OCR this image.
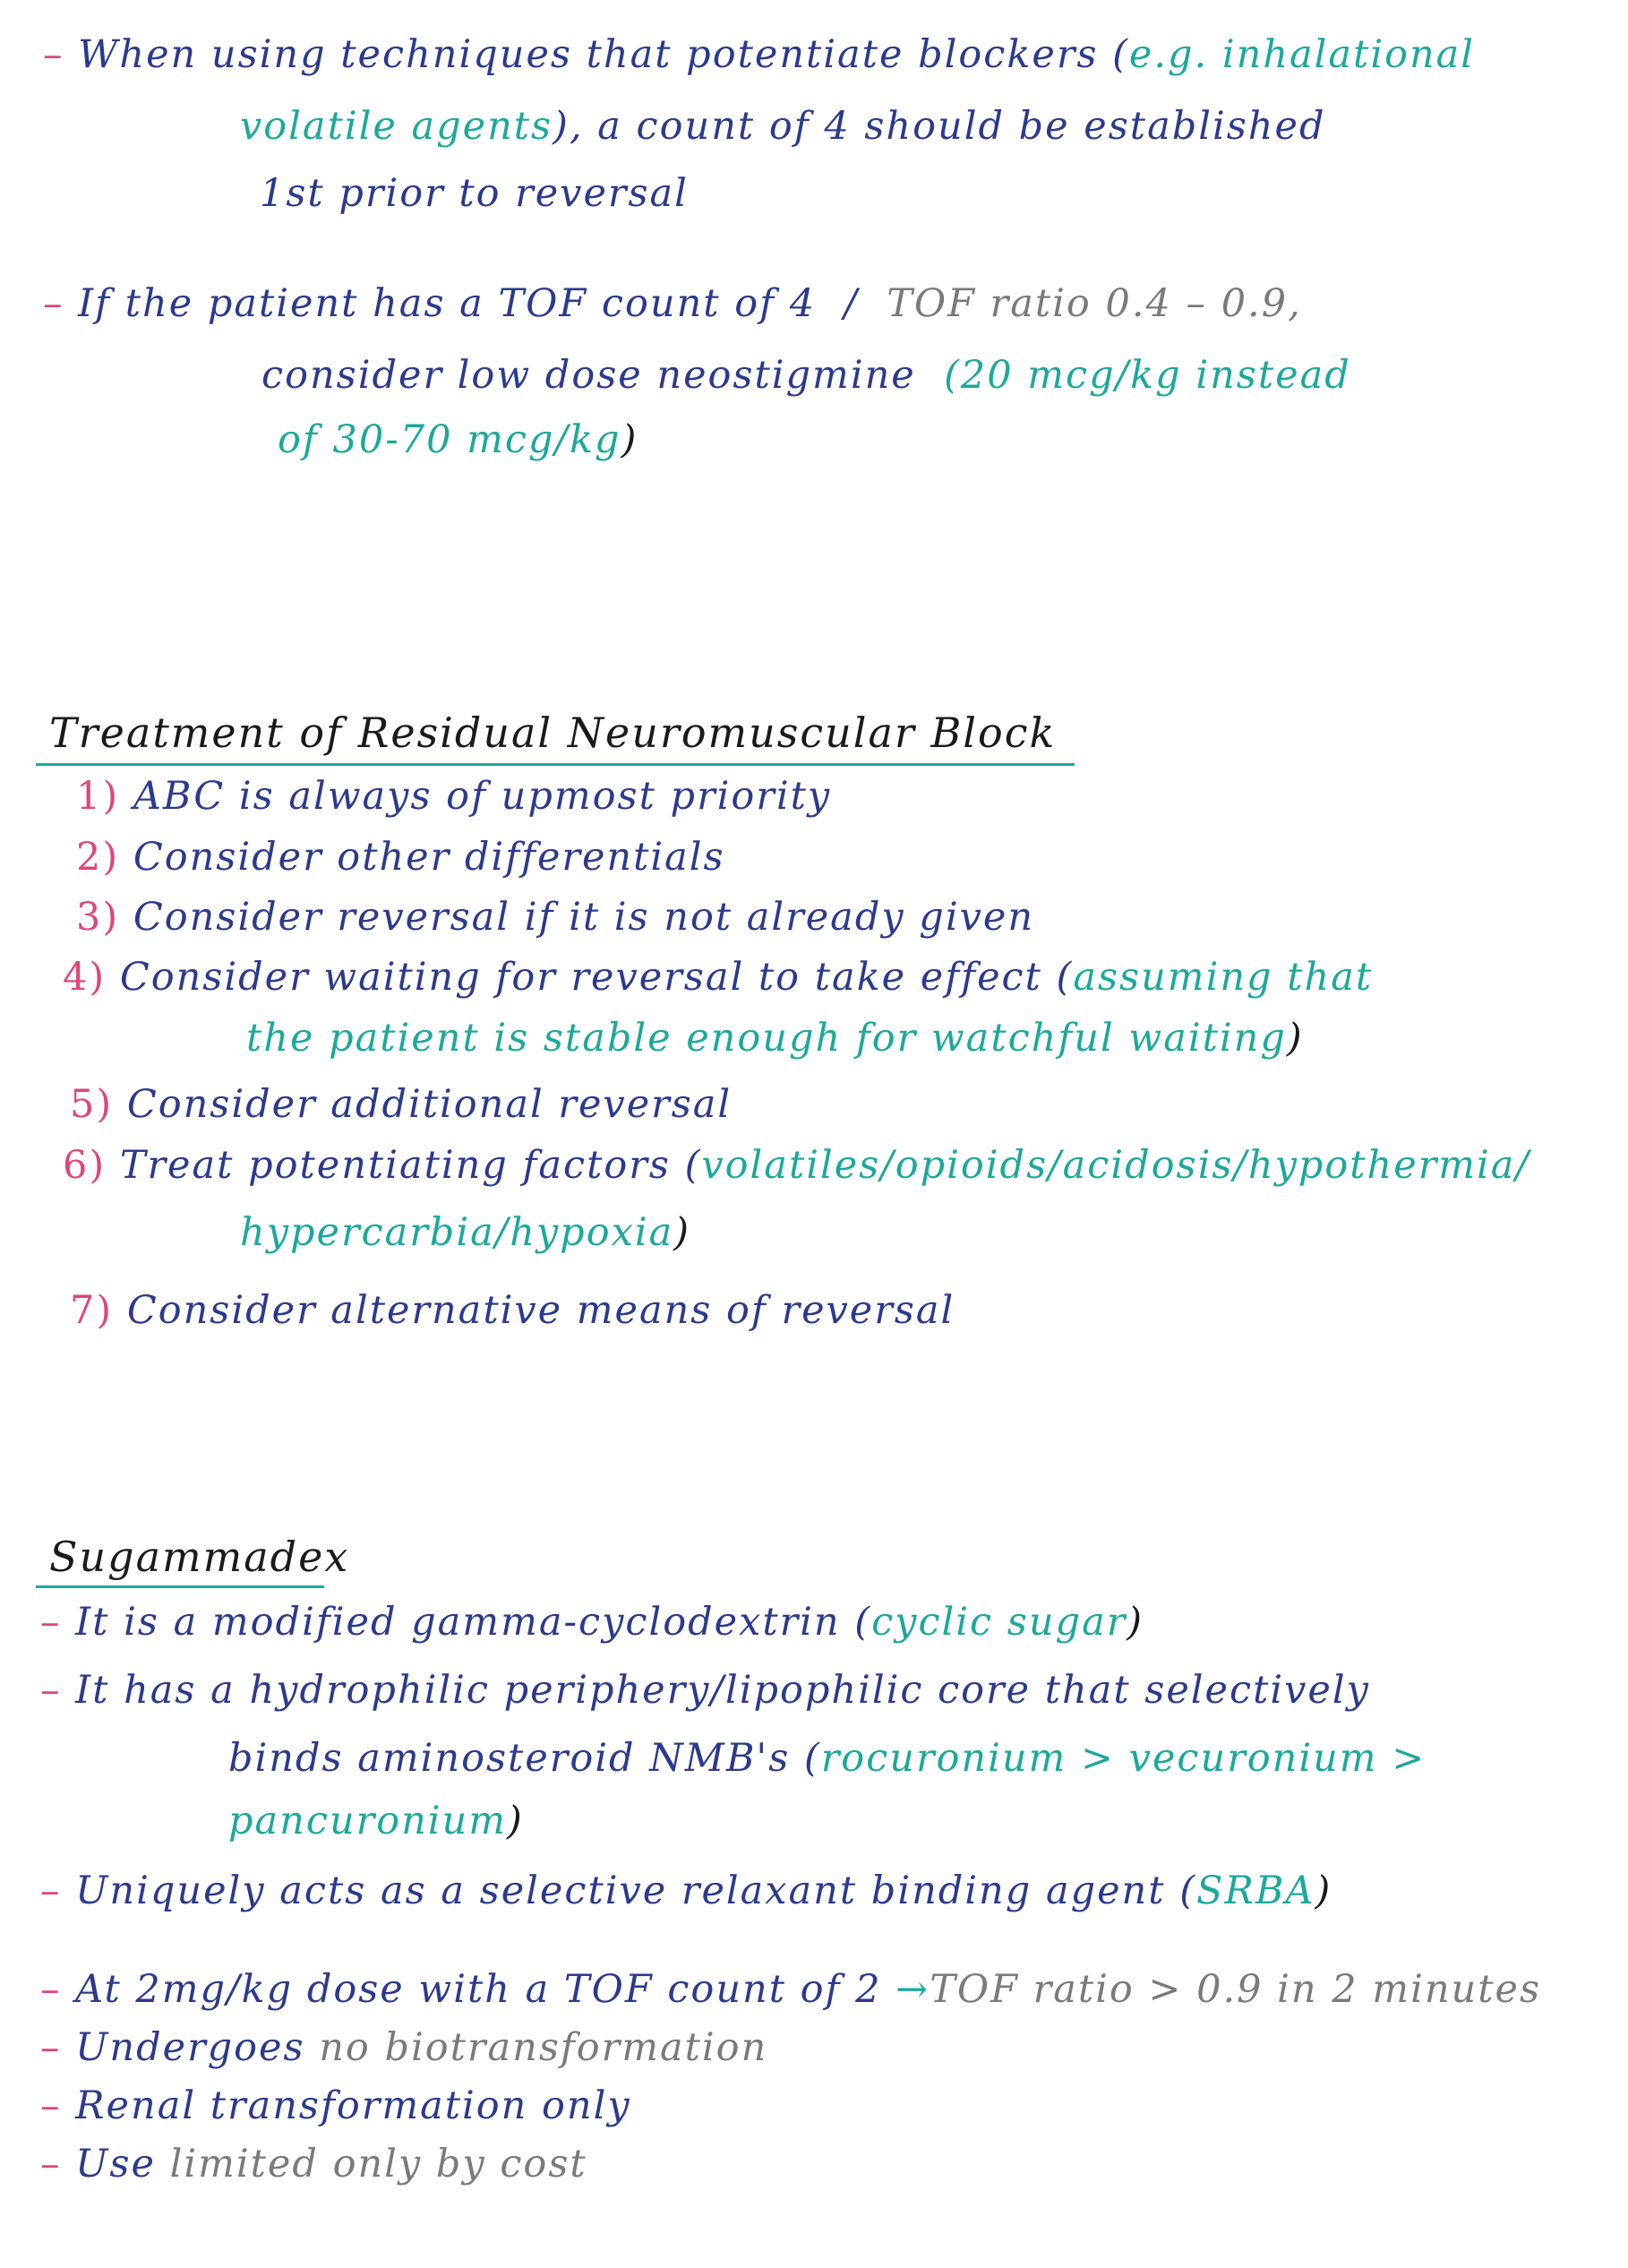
– When using techniques that potentiate blockers (e.g. inhalational
volatile agents), a count of 4 should be established
1st prior to reversal
– If the patient has a TOF count of 4 / TOF ratio 0.4 – 0.9,
consider low dose neostigmine (20 mcg/kg instead
of 30-70 mcg/kg)
Treatment of Residual Neuromuscular Block
1) ABC is always of upmost priority
2) Consider other differentials
3) Consider reversal if it is not already given
4) Consider waiting for reversal to take effect (assuming that
the patient is stable enough for watchful waiting)
5) Consider additional reversal
6) Treat potentiating factors (volatiles/opioids/acidosis/hypothermia/
hypercarbia/hypoxia)
7) Consider alternative means of reversal
Sugammadex
– It is a modified gamma-cyclodextrin (cyclic sugar)
– It has a hydrophilic periphery/lipophilic core that selectively
binds aminosteroid NMB's (rocuronium > vecuronium >
pancuronium)
– Uniquely acts as a selective relaxant binding agent (SRBA)
– At 2mg/kg dose with a TOF count of 2 →TOF ratio > 0.9 in 2 minutes
– Undergoes no biotransformation
– Renal transformation only
– Use limited only by cost
